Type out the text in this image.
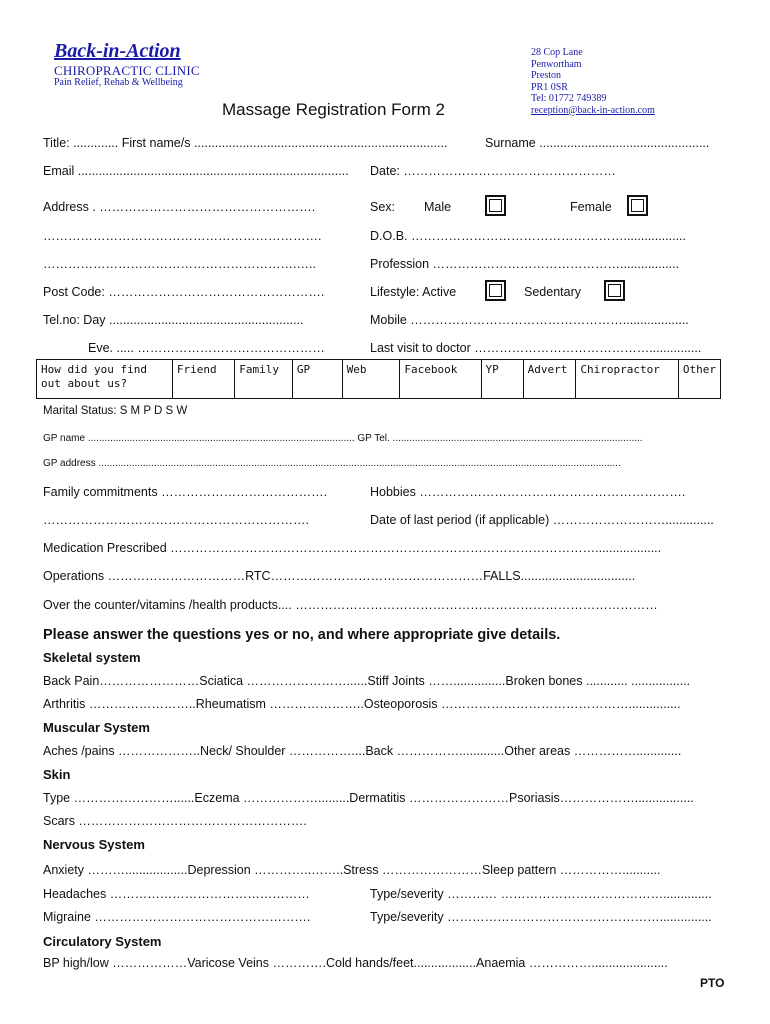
Back-in-Action
CHIROPRACTIC CLINIC
Pain Relief, Rehab & Wellbeing
28 Cop Lane
Penwortham
Preston
PR1 0SR
Tel: 01772 749389
reception@back-in-action.com
Massage Registration Form 2
Title: ............. First name/s .........................................................................	Surname .................................................
Email .............................................................................. Date: ……………………………………………
Address . …………………………………………….	Sex: Male	Female
………………………………………………………….	D.O.B. ……………………………………………..................
…………………………………………………….…..	Profession ……………………………………….................
Post Code: …………………………………………….	Lifestyle: Active	Sedentary
Tel.no: Day ........................................................	Mobile ……………………………………………...................
Eve. ..... ………………………………………	Last visit to doctor ……………………………………...............
How did you find out about us?	Friend	Family	GP	Web	Facebook	YP	Advert	Chiropractor	Other
Marital Status: S M P D S W
GP name ................................................................................................ GP Tel. ..........................................................................................
GP address ............................................................................................................................................................................................
Family commitments ………………………………….	Hobbies ……………………………………………………….
……………………………………………………….	Date of last period (if applicable) ………………………..............
Medication Prescribed …………………………………………………………………………………………...................
Operations ……………………………RTC……………………………………………FALLS.................................
Over the counter/vitamins /health products.... ……………………………………………………………………………
Please answer the questions yes or no, and where appropriate give details.
Skeletal system
Back Pain……………………Sciatica ……………………......Stiff Joints ……...............Broken bones ............ .................
Arthritis ……………………..Rheumatism …………………..Osteoporosis ………………………………………...............
Muscular System
Aches /pains ………………..Neck/ Shoulder ……………....Back …………….............Other areas …………….............
Skin
Type ……………………......Eczema ……………….........Dermatitis ……………………Psoriasis……………….................
Scars ……………………………………………….
Nervous System
Anxiety ………..................Depression …………..……..Stress ……………………Sleep pattern ……………...........
Headaches …………………………………………	Type/severity ………… …………………………………..............
Migraine …………………………………………….	Type/severity ……………………………………………...............
Circulatory System
BP high/low ………………Varicose Veins ………….Cold hands/feet..................Anaemia ……………......................
PTO
